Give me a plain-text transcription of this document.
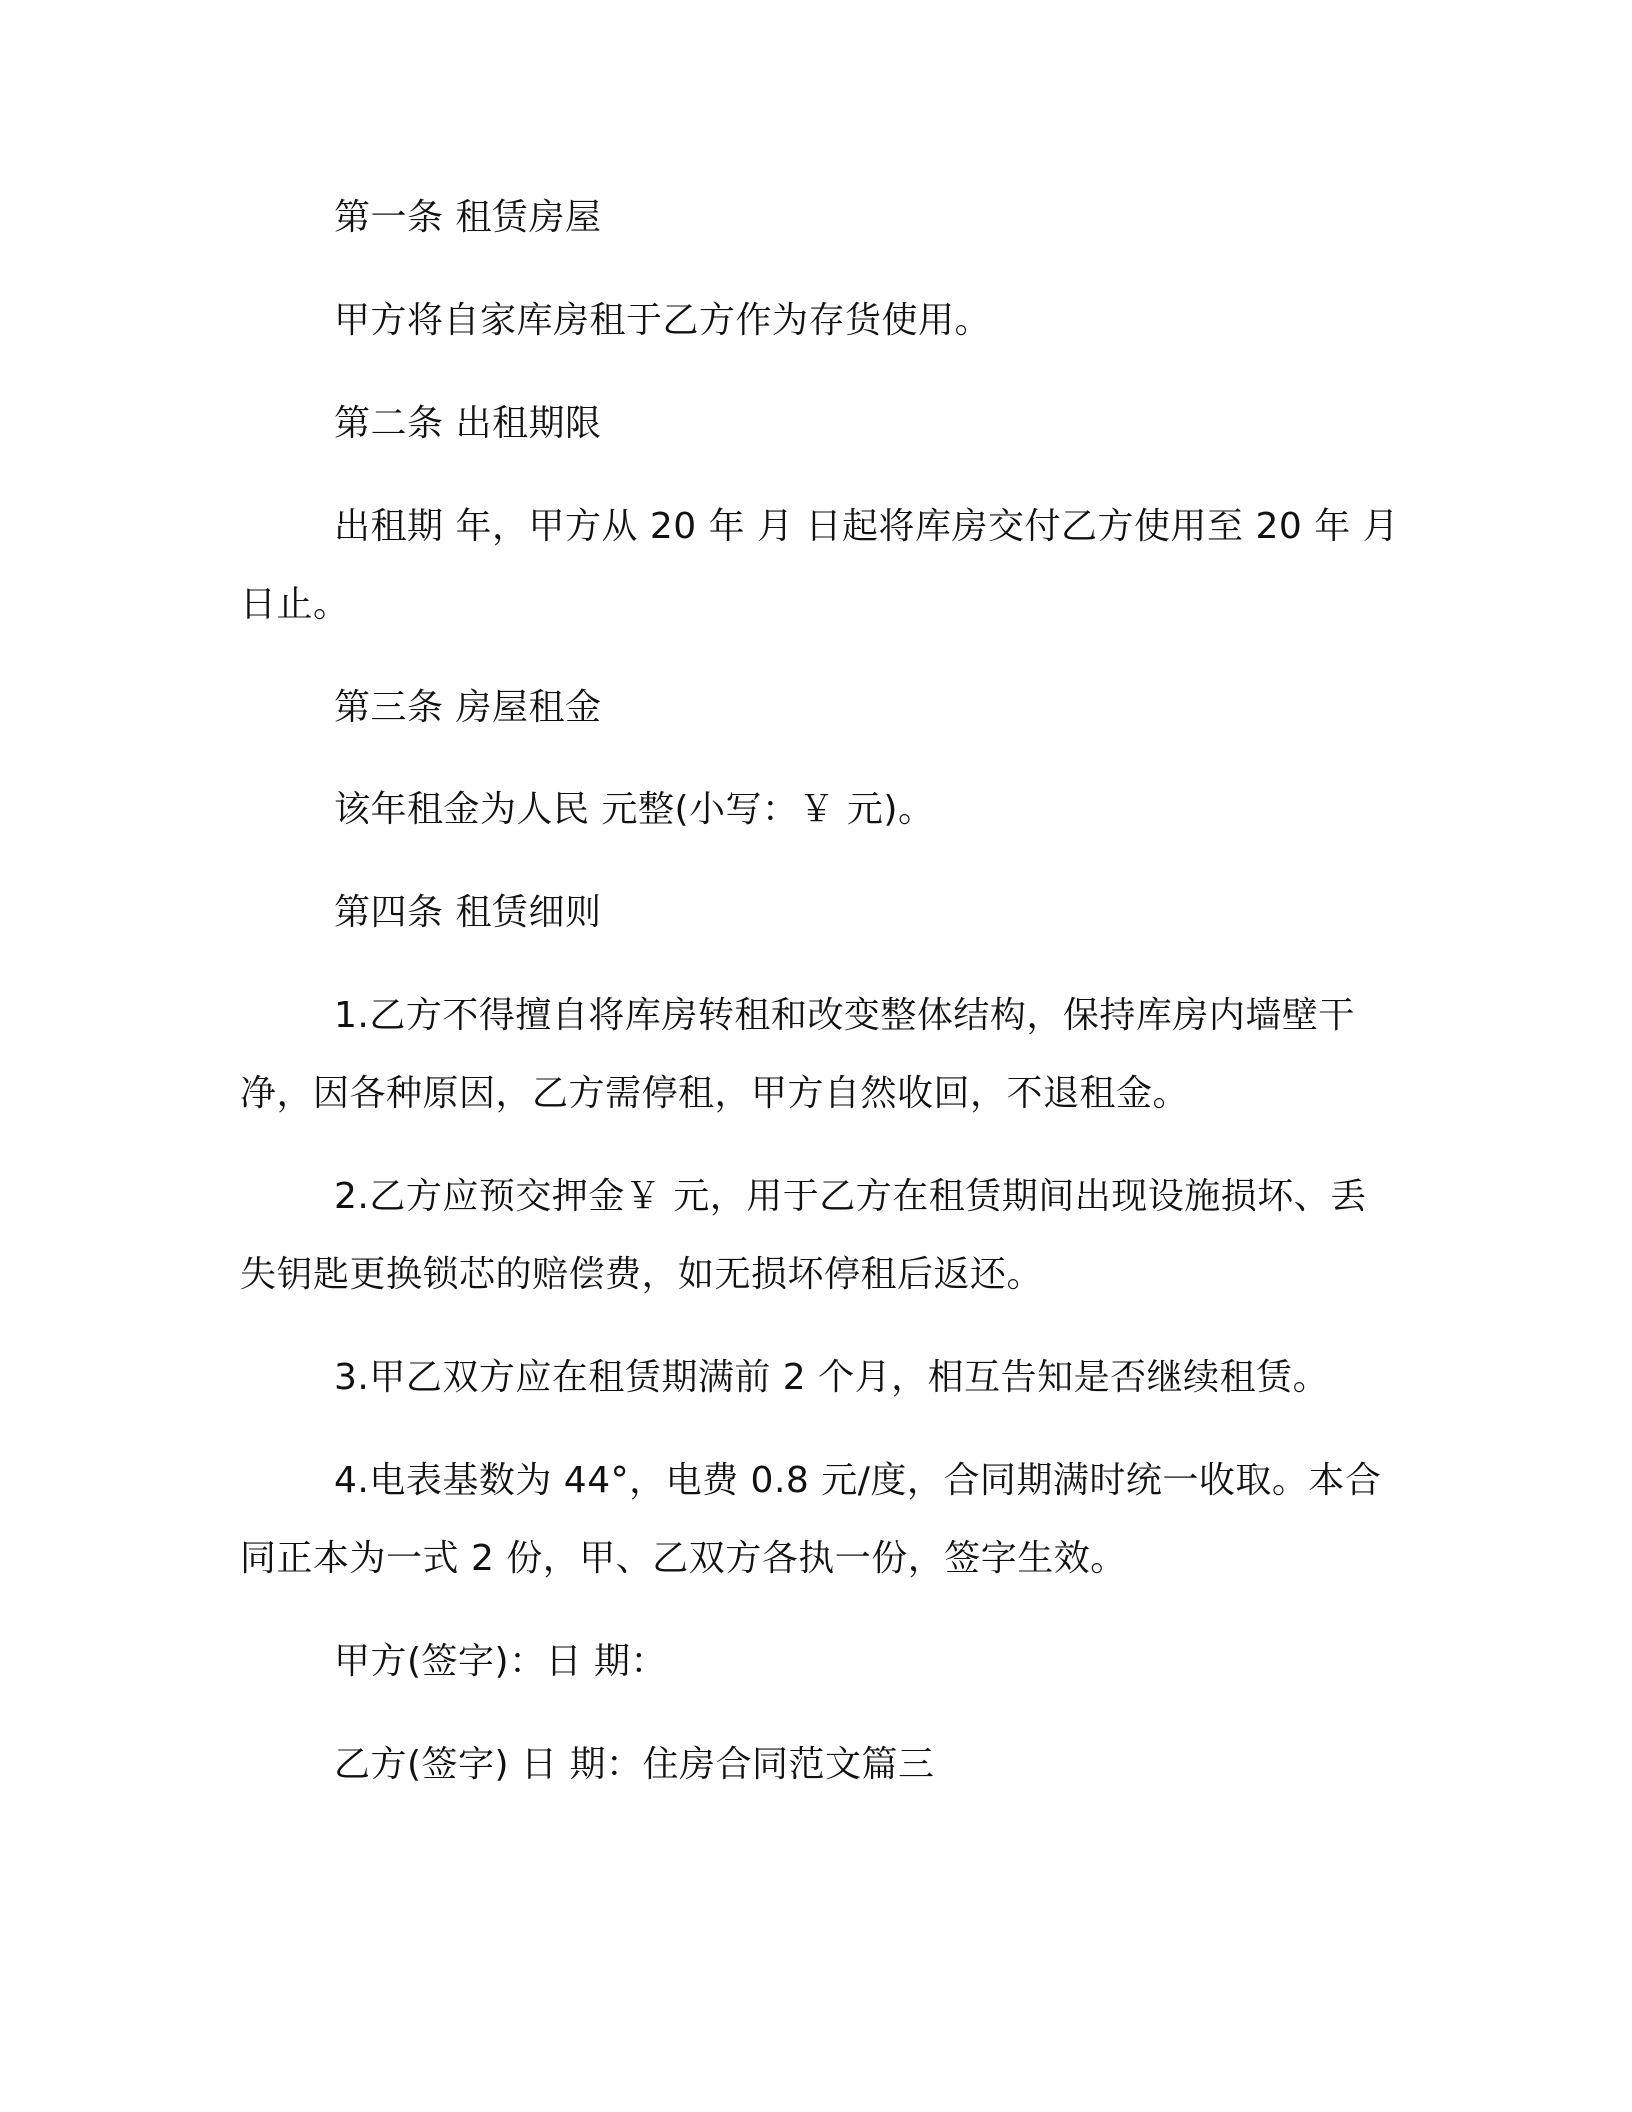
第一条 租赁房屋

甲方将自家库房租于乙方作为存货使用。

第二条 出租期限

出租期 年，甲方从 20 年 月 日起将库房交付乙方使用至 20 年 月

日止。

第三条 房屋租金

该年租金为人民 元整(小写：￥ 元)。

第四条 租赁细则

1.乙方不得擅自将库房转租和改变整体结构，保持库房内墙壁干

净，因各种原因，乙方需停租，甲方自然收回，不退租金。

2.乙方应预交押金￥ 元，用于乙方在租赁期间出现设施损坏、丢

失钥匙更换锁芯的赔偿费，如无损坏停租后返还。

3.甲乙双方应在租赁期满前 2 个月，相互告知是否继续租赁。

4.电表基数为 44°，电费 0.8 元/度，合同期满时统一收取。本合

同正本为一式 2 份，甲、乙双方各执一份，签字生效。

甲方(签字)：日 期：

乙方(签字) 日 期：住房合同范文篇三
